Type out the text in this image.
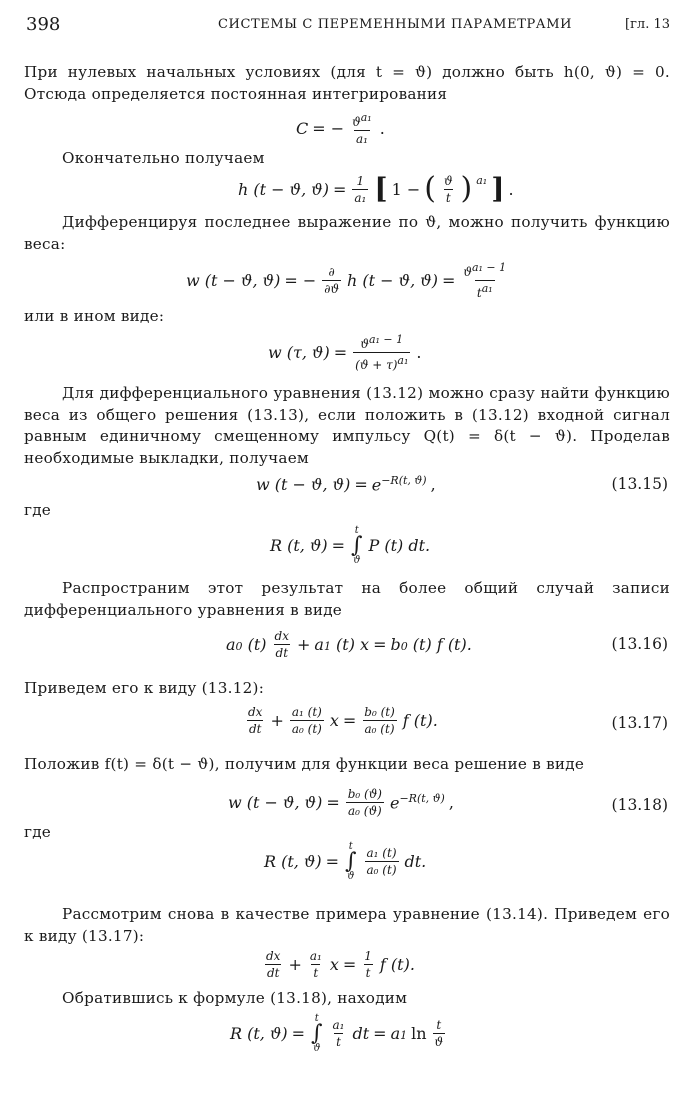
398	СИСТЕМЫ С ПЕРЕМЕННЫМИ ПАРАМЕТРАМИ	[гл. 13
При нулевых начальных условиях (для t = ϑ) должно быть h(0, ϑ) = 0. Отсюда определяется постоянная интегрирования
C = − $\frac{ϑ^{a_1}}{\text{a₁}}$ .
Окончательно получаем
h (t − ϑ, $ϑ) = \frac{1}{\text{a₁}}$ [ 1 − ( $\frac{ϑ}{t}$ ) $^{a_1}$ ] .
Дифференцируя последнее выражение по ϑ, можно получить функцию веса:
w (t − ϑ, ϑ) = − $\frac{\partial}{\partial ϑ}$ h (t − ϑ, $ϑ) = \frac{ϑ^{a_1 - 1}}{t^{a_1}}$
или в ином виде:
w (τ, $ϑ) = \frac{ϑ^{a_1 - 1}}{(ϑ + \tau)^{a_1}}$ .
Для дифференциального уравнения (13.12) можно сразу найти функцию веса из общего решения (13.13), если положить в (13.12) входной сигнал равным единичному смещенному импульсу Q(t) = δ(t − ϑ). Проделав необходимые выкладки, получаем
w (t − ϑ, $ϑ) = e^{-R(t, ϑ)}$ ,	(13.15)
где
R (t, ϑ) =
t
∫
ϑ
P (t) dt.
Распространим этот результат на более общий случай записи дифференциального уравнения в виде
a0 $(t) \frac{dx}{dt} + a1$ (t) x = b0 (t) f (t).	(13.16)
Приведем его к виду (13.12):
$\frac{dx}{dt} + \frac{\text{a₁ (t)}}{\text{a₀ (t)}}$ $x = \frac{\text{b₀ (t)}}{\text{a₀ (t)}}$ f (t).	(13.17)
Положив f(t) = δ(t − ϑ), получим для функции веса решение в виде
w (t − ϑ, $ϑ) = \frac{\text{b₀ (ϑ)}}{\text{a₀ (ϑ)}} e^{-R(t, ϑ)}$ ,	(13.18)
где
R (t, ϑ) =
t
∫
ϑ $\frac{\text{a₁ (t)}}{\text{a₀ (t)}}$ dt.
Рассмотрим снова в качестве примера уравнение (13.14). Приведем его к виду (13.17):
$\frac{dx}{dt} + \frac{\text{a₁}}{t}$ $x = \frac{1}{t}$ f (t).
Обратившись к формуле (13.18), находим
R (t, ϑ) =
t
∫
ϑ $\frac{\text{a₁}}{t}$ dt = a1 $\ln \frac{t}{ϑ}$
